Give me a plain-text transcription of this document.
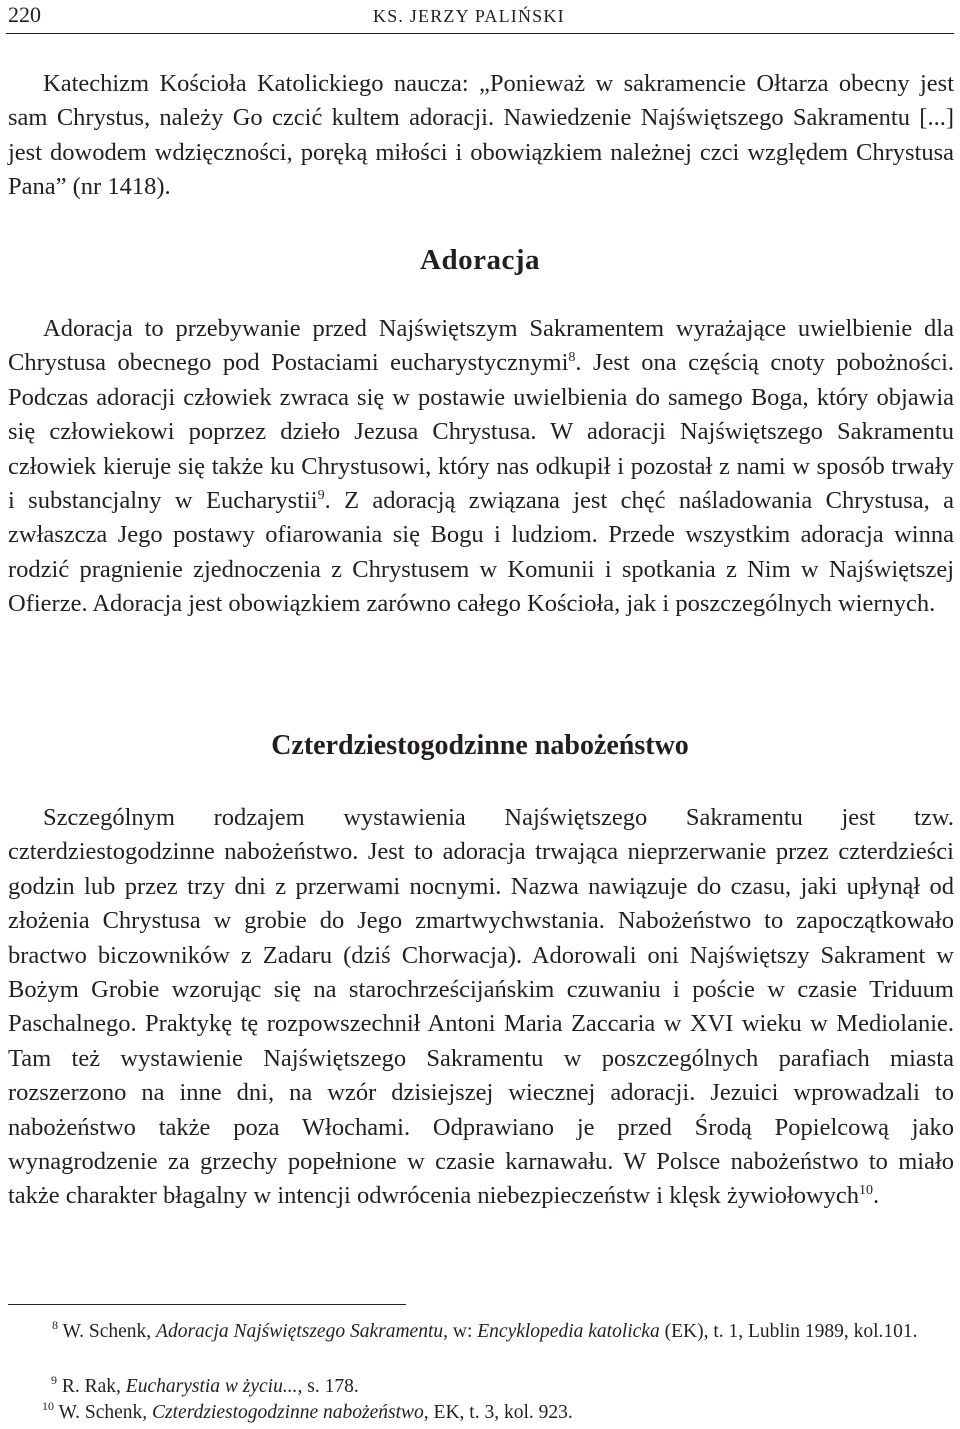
220	KS. JERZY PALIŃSKI

Katechizm Kościoła Katolickiego naucza: „Ponieważ w sakramencie Ołtarza obecny jest sam Chrystus, należy Go czcić kultem adoracji. Nawiedzenie Najświętszego Sakramentu [...] jest dowodem wdzięczności, poręką miłości i obowiązkiem należnej czci względem Chrystusa Pana” (nr 1418).

Adoracja

Adoracja to przebywanie przed Najświętszym Sakramentem wyrażające uwielbienie dla Chrystusa obecnego pod Postaciami eucharystycznymi$^8$. Jest ona częścią cnoty pobożności. Podczas adoracji człowiek zwraca się w postawie uwielbienia do samego Boga, który objawia się człowiekowi poprzez dzieło Jezusa Chrystusa. W adoracji Najświętszego Sakramentu człowiek kieruje się także ku Chrystusowi, który nas odkupił i pozostał z nami w sposób trwały i substancjalny w Eucharystii$^9$. Z adoracją związana jest chęć naśladowania Chrystusa, a zwłaszcza Jego postawy ofiarowania się Bogu i ludziom. Przede wszystkim adoracja winna rodzić pragnienie zjednoczenia z Chrystusem w Komunii i spotkania z Nim w Najświętszej Ofierze. Adoracja jest obowiązkiem zarówno całego Kościoła, jak i poszczególnych wiernych.

Czterdziestogodzinne nabożeństwo

Szczególnym rodzajem wystawienia Najświętszego Sakramentu jest tzw. czterdziestogodzinne nabożeństwo. Jest to adoracja trwająca nieprzerwanie przez czterdzieści godzin lub przez trzy dni z przerwami nocnymi. Nazwa nawiązuje do czasu, jaki upłynął od złożenia Chrystusa w grobie do Jego zmartwychwstania. Nabożeństwo to zapoczątkowało bractwo biczowników z Zadaru (dziś Chorwacja). Adorowali oni Najświętszy Sakrament w Bożym Grobie wzorując się na starochrześcijańskim czuwaniu i poście w czasie Triduum Paschalnego. Praktykę tę rozpowszechnił Antoni Maria Zaccaria w XVI wieku w Mediolanie. Tam też wystawienie Najświętszego Sakramentu w poszczególnych parafiach miasta rozszerzono na inne dni, na wzór dzisiejszej wiecznej adoracji. Jezuici wprowadzali to nabożeństwo także poza Włochami. Odprawiano je przed Środą Popielcową jako wynagrodzenie za grzechy popełnione w czasie karnawału. W Polsce nabożeństwo to miało także charakter błagalny w intencji odwrócenia niebezpieczeństw i klęsk żywiołowych$^{10}$.

$^8$ W. Schenk, Adoracja Najświętszego Sakramentu, w: Encyklopedia katolicka (EK), t. 1, Lublin 1989, kol.101.

$^9$ R. Rak, Eucharystia w życiu..., s. 178.

$^{10}$ W. Schenk, Czterdziestogodzinne nabożeństwo, EK, t. 3, kol. 923.
